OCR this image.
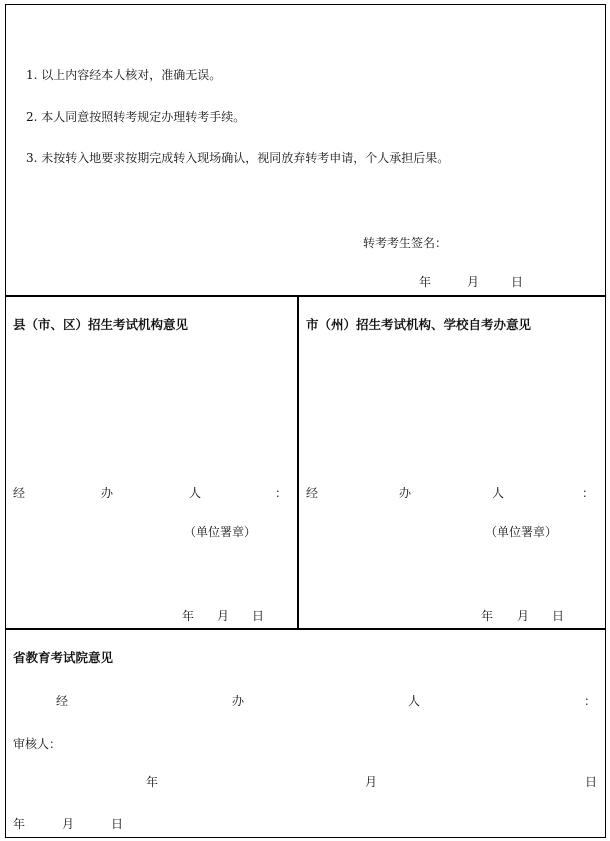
1. 以上内容经本人核对，准确无误。
2. 本人同意按照转考规定办理转考手续。
3. 未按转入地要求按期完成转入现场确认，视同放弃转考申请，个人承担后果。
转考考生签名：
年	月	日
县（市、区）招生考试机构意见
经	办	人	：
（单位署章）
年 月 日
市（州）招生考试机构、学校自考办意见
经	办	人	：
（单位署章）
年 月 日
省教育考试院意见
经	办	人	：
审核人：
年	月	日
年	月	日
